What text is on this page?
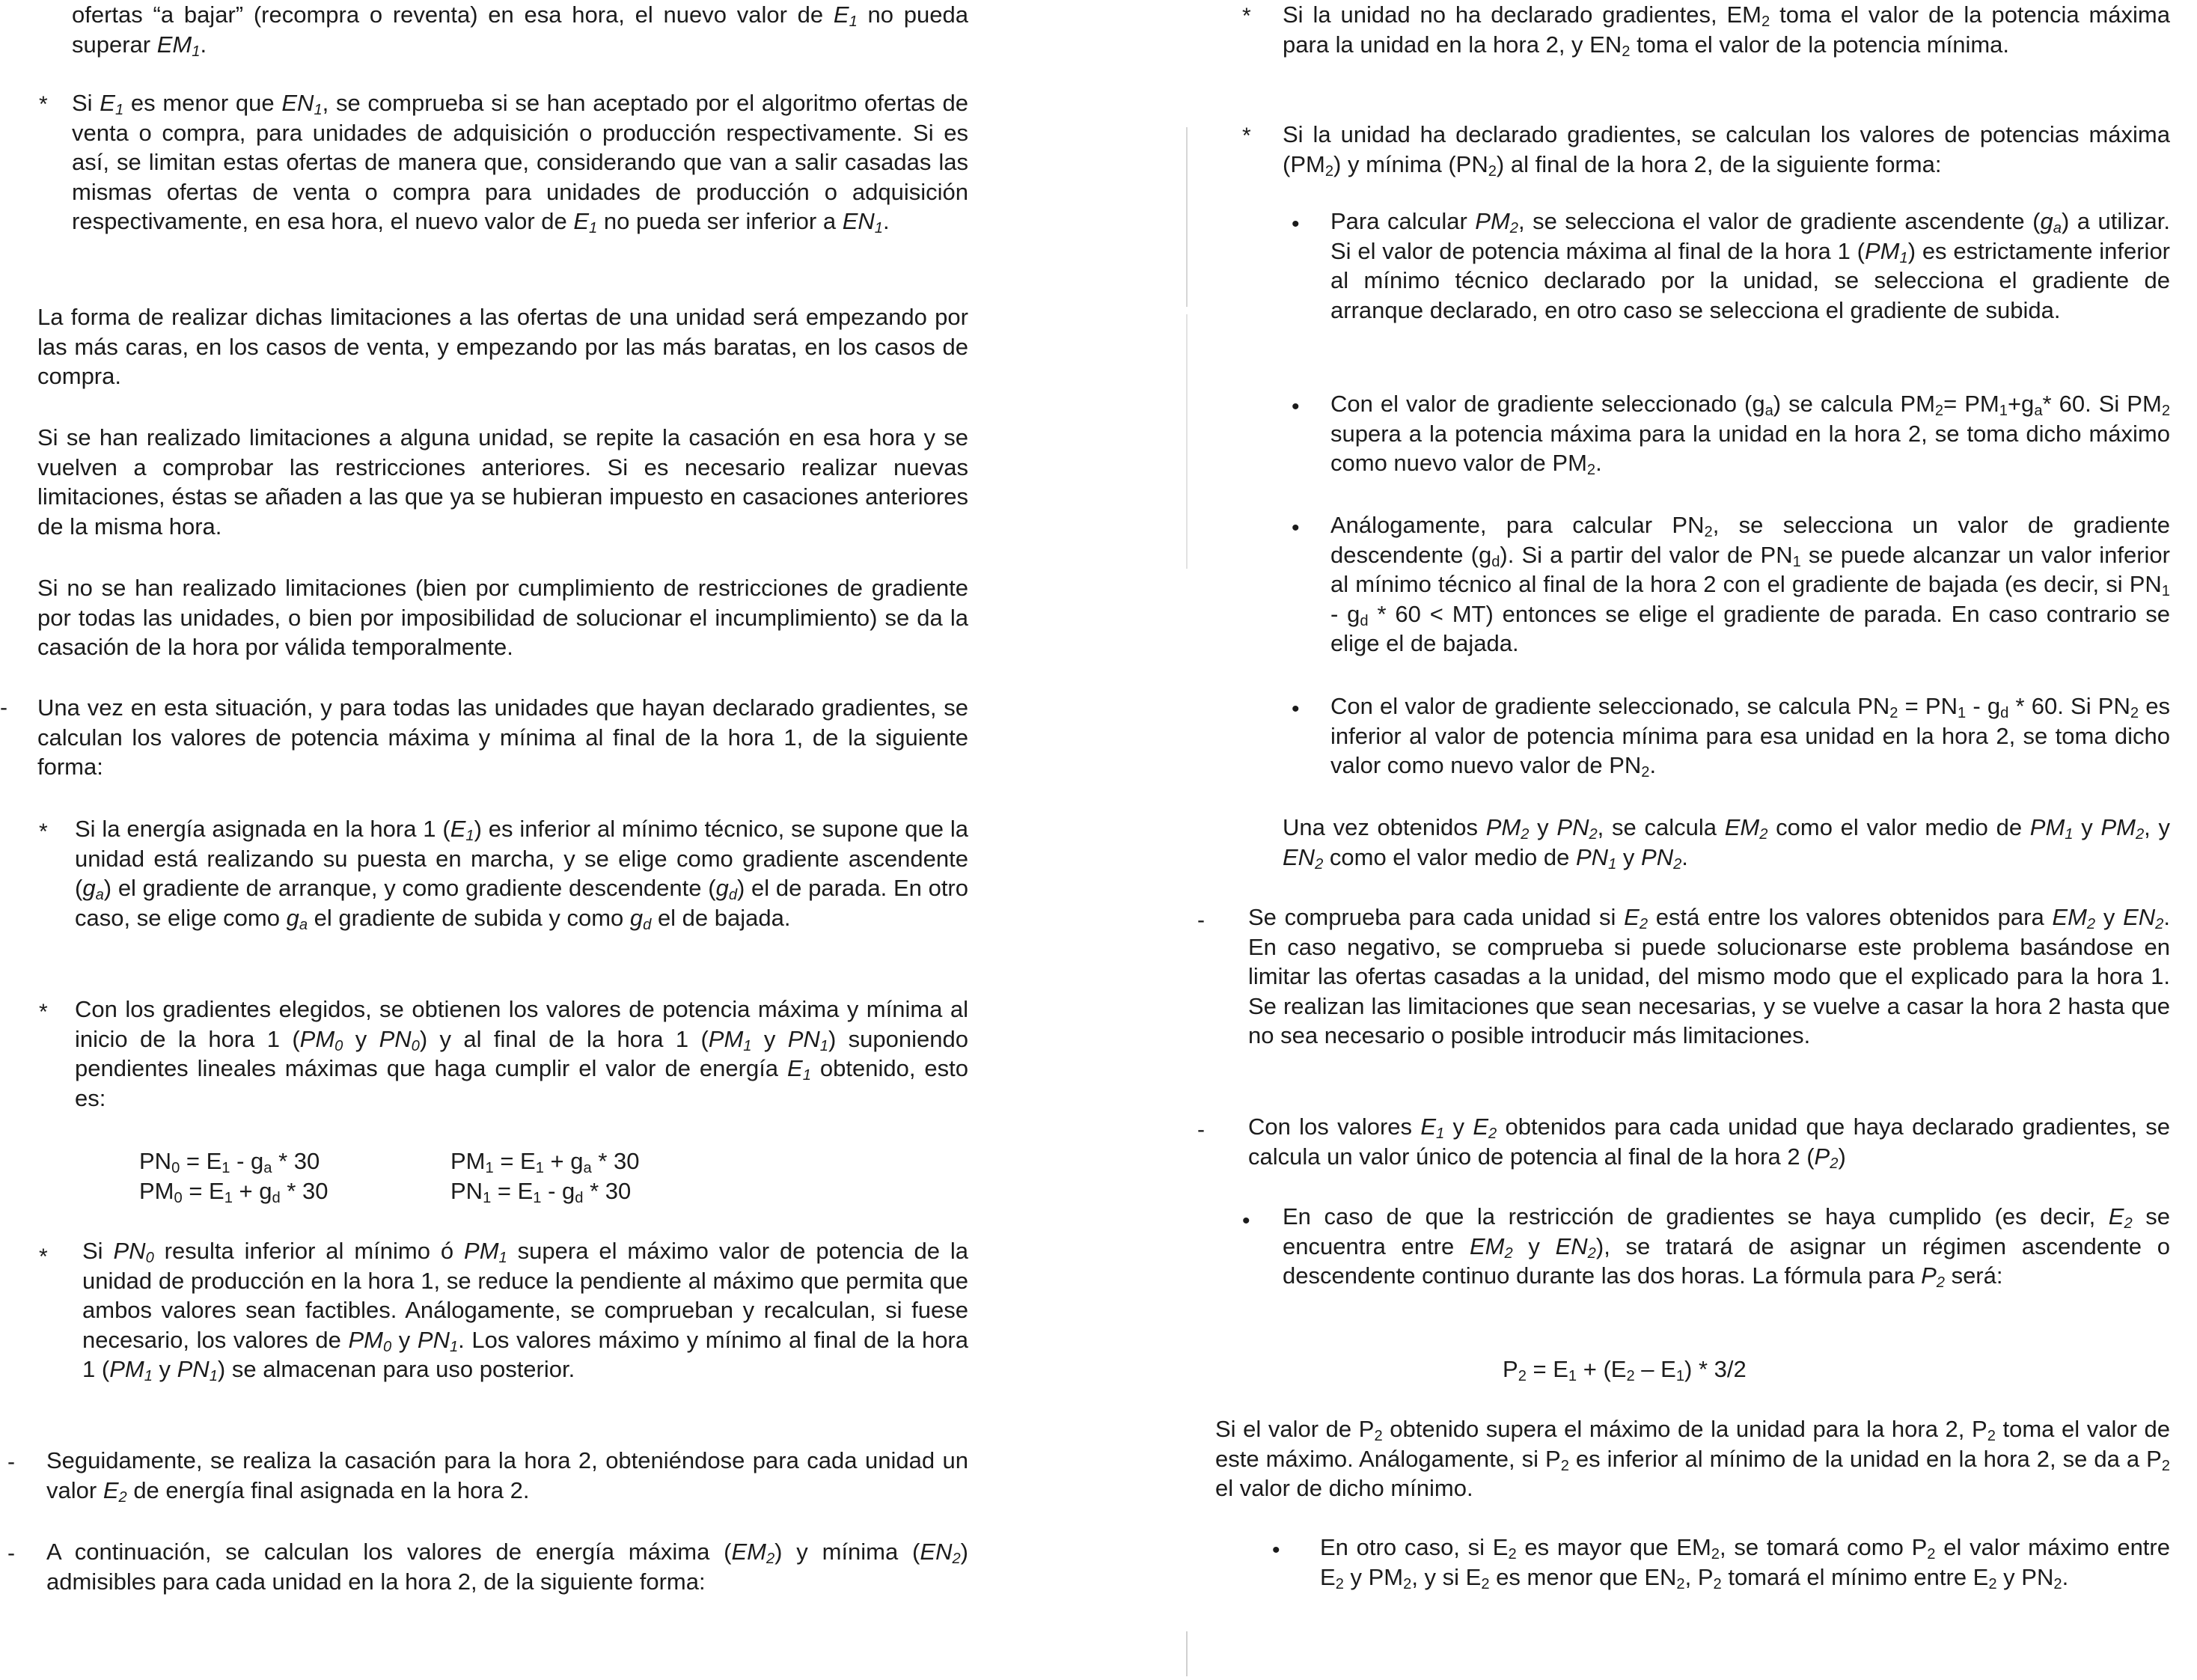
ofertas “a bajar” (recompra o reventa) en esa hora, el nuevo valor de $E_1$ no pueda superar $EM_1$.

* Si $E_1$ es menor que $EN_1$, se comprueba si se han aceptado por el algoritmo ofertas de venta o compra, para unidades de adquisición o producción respectivamente. Si es así, se limitan estas ofertas de manera que, considerando que van a salir casadas las mismas ofertas de venta o compra para unidades de producción o adquisición respectivamente, en esa hora, el nuevo valor de $E_1$ no pueda ser inferior a $EN_1$.

La forma de realizar dichas limitaciones a las ofertas de una unidad será empezando por las más caras, en los casos de venta, y empezando por las más baratas, en los casos de compra.

Si se han realizado limitaciones a alguna unidad, se repite la casación en esa hora y se vuelven a comprobar las restricciones anteriores. Si es necesario realizar nuevas limitaciones, éstas se añaden a las que ya se hubieran impuesto en casaciones anteriores de la misma hora.

Si no se han realizado limitaciones (bien por cumplimiento de restricciones de gradiente por todas las unidades, o bien por imposibilidad de solucionar el incumplimiento) se da la casación de la hora por válida temporalmente.

- Una vez en esta situación, y para todas las unidades que hayan declarado gradientes, se calculan los valores de potencia máxima y mínima al final de la hora 1, de la siguiente forma:

* Si la energía asignada en la hora 1 $(E_1)$ es inferior al mínimo técnico, se supone que la unidad está realizando su puesta en marcha, y se elige como gradiente ascendente $(g_a)$ el gradiente de arranque, y como gradiente descendente $(g_d)$ el de parada. En otro caso, se elige como $g_a$ el gradiente de subida y como $g_d$ el de bajada.

* Con los gradientes elegidos, se obtienen los valores de potencia máxima y mínima al inicio de la hora 1 ($PM_0$ y $PN_0$) y al final de la hora 1 ($PM_1$ y $PN_1$) suponiendo pendientes lineales máximas que haga cumplir el valor de energía $E_1$ obtenido, esto es:

$PN_0 = E_1 - g_a * 30$
$PM_0 = E_1 + g_d * 30$
$PM_1 = E_1 + g_a * 30$
$PN_1 = E_1 - g_d * 30$
* Si $PN_0$ resulta inferior al mínimo ó $PM_1$ supera el máximo valor de potencia de la unidad de producción en la hora 1, se reduce la pendiente al máximo que permita que ambos valores sean factibles. Análogamente, se comprueban y recalculan, si fuese necesario, los valores de $PM_0$ y $PN_1$. Los valores máximo y mínimo al final de la hora 1 ($PM_1$ y $PN_1$) se almacenan para uso posterior.

- Seguidamente, se realiza la casación para la hora 2, obteniéndose para cada unidad un valor $E_2$ de energía final asignada en la hora 2.

- A continuación, se calculan los valores de energía máxima $(EM_2)$ y mínima $(EN_2)$ admisibles para cada unidad en la hora 2, de la siguiente forma:

* Si la unidad no ha declarado gradientes, $EM_2$ toma el valor de la potencia máxima para la unidad en la hora 2, y $EN_2$ toma el valor de la potencia mínima.

* Si la unidad ha declarado gradientes, se calculan los valores de potencias máxima $(PM_2)$ y mínima $(PN_2)$ al final de la hora 2, de la siguiente forma:

• Para calcular $PM_2$, se selecciona el valor de gradiente ascendente $(g_a)$ a utilizar. Si el valor de potencia máxima al final de la hora 1 $(PM_1)$ es estrictamente inferior al mínimo técnico declarado por la unidad, se selecciona el gradiente de arranque declarado, en otro caso se selecciona el gradiente de subida.

• Con el valor de gradiente seleccionado $(g_a)$ se calcula $PM_2= PM_1+g_a*$ 60. Si $PM_2$ supera a la potencia máxima para la unidad en la hora 2, se toma dicho máximo como nuevo valor de $PM_2$.

• Análogamente, para calcular $PN_2$, se selecciona un valor de gradiente descendente $(g_d)$. Si a partir del valor de $PN_1$ se puede alcanzar un valor inferior al mínimo técnico al final de la hora 2 con el gradiente de bajada (es decir, si $PN_1 - g_d * 60 < MT$) entonces se elige el gradiente de parada. En caso contrario se elige el de bajada.

• Con el valor de gradiente seleccionado, se calcula $PN_2 = PN_1 - g_d * 60$. Si $PN_2$ es inferior al valor de potencia mínima para esa unidad en la hora 2, se toma dicho valor como nuevo valor de $PN_2$.

Una vez obtenidos $PM_2$ y $PN_2$, se calcula $EM_2$ como el valor medio de $PM_1$ y $PM_2$, y $EN_2$ como el valor medio de $PN_1$ y $PN_2$.

- Se comprueba para cada unidad si $E_2$ está entre los valores obtenidos para $EM_2$ y $EN_2$. En caso negativo, se comprueba si puede solucionarse este problema basándose en limitar las ofertas casadas a la unidad, del mismo modo que el explicado para la hora 1. Se realizan las limitaciones que sean necesarias, y se vuelve a casar la hora 2 hasta que no sea necesario o posible introducir más limitaciones.

- Con los valores $E_1$ y $E_2$ obtenidos para cada unidad que haya declarado gradientes, se calcula un valor único de potencia al final de la hora 2 $(P_2)$

• En caso de que la restricción de gradientes se haya cumplido (es decir, $E_2$ se encuentra entre $EM_2$ y $EN_2$), se tratará de asignar un régimen ascendente o descendente continuo durante las dos horas. La fórmula para $P_2$ será:

$P_2 = E_1 + (E_2 - E_1) * 3/2$

Si el valor de $P_2$ obtenido supera el máximo de la unidad para la hora 2, $P_2$ toma el valor de este máximo. Análogamente, si $P_2$ es inferior al mínimo de la unidad en la hora 2, se da a $P_2$ el valor de dicho mínimo.

• En otro caso, si $E_2$ es mayor que $EM_2$, se tomará como $P_2$ el valor máximo entre $E_2$ y $PM_2$, y si $E_2$ es menor que $EN_2$, $P_2$ tomará el mínimo entre $E_2$ y $PN_2$.
